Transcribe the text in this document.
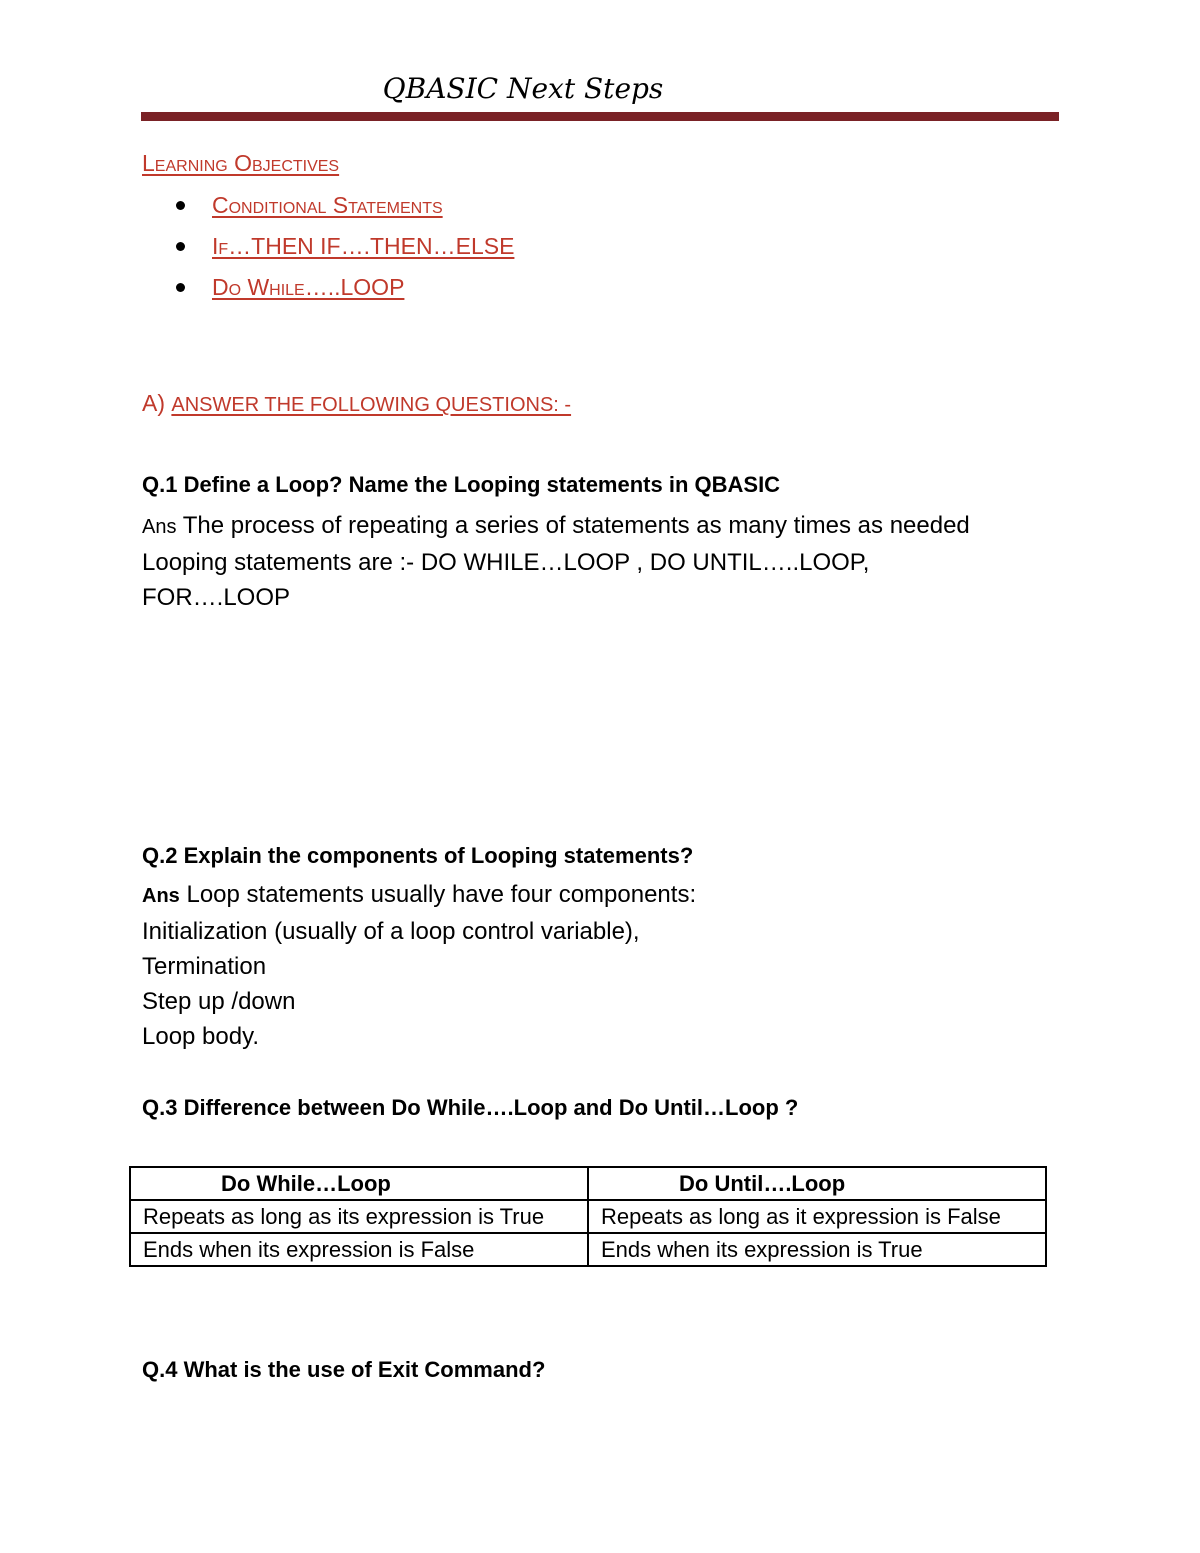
QBASIC Next Steps
Learning Objectives
Conditional Statements
If…THEN IF….THEN…ELSE
Do While…..LOOP
A) ANSWER THE FOLLOWING QUESTIONS: -
Q.1 Define a Loop? Name the Looping statements in QBASIC
Ans The process of repeating a series of statements as many times as needed
Looping statements are :- DO WHILE…LOOP , DO UNTIL…..LOOP, FOR….LOOP
Q.2 Explain the components of Looping statements?
Ans Loop statements usually have four components:
Initialization (usually of a loop control variable),
Termination
Step up /down
Loop body.
Q.3 Difference between Do While….Loop and Do Until…Loop ?
Do While…Loop	Do Until….Loop
Repeats as long as its expression is True	Repeats as long as it expression is False
Ends when its expression is False	Ends when its expression is True
Q.4 What is the use of Exit Command?
